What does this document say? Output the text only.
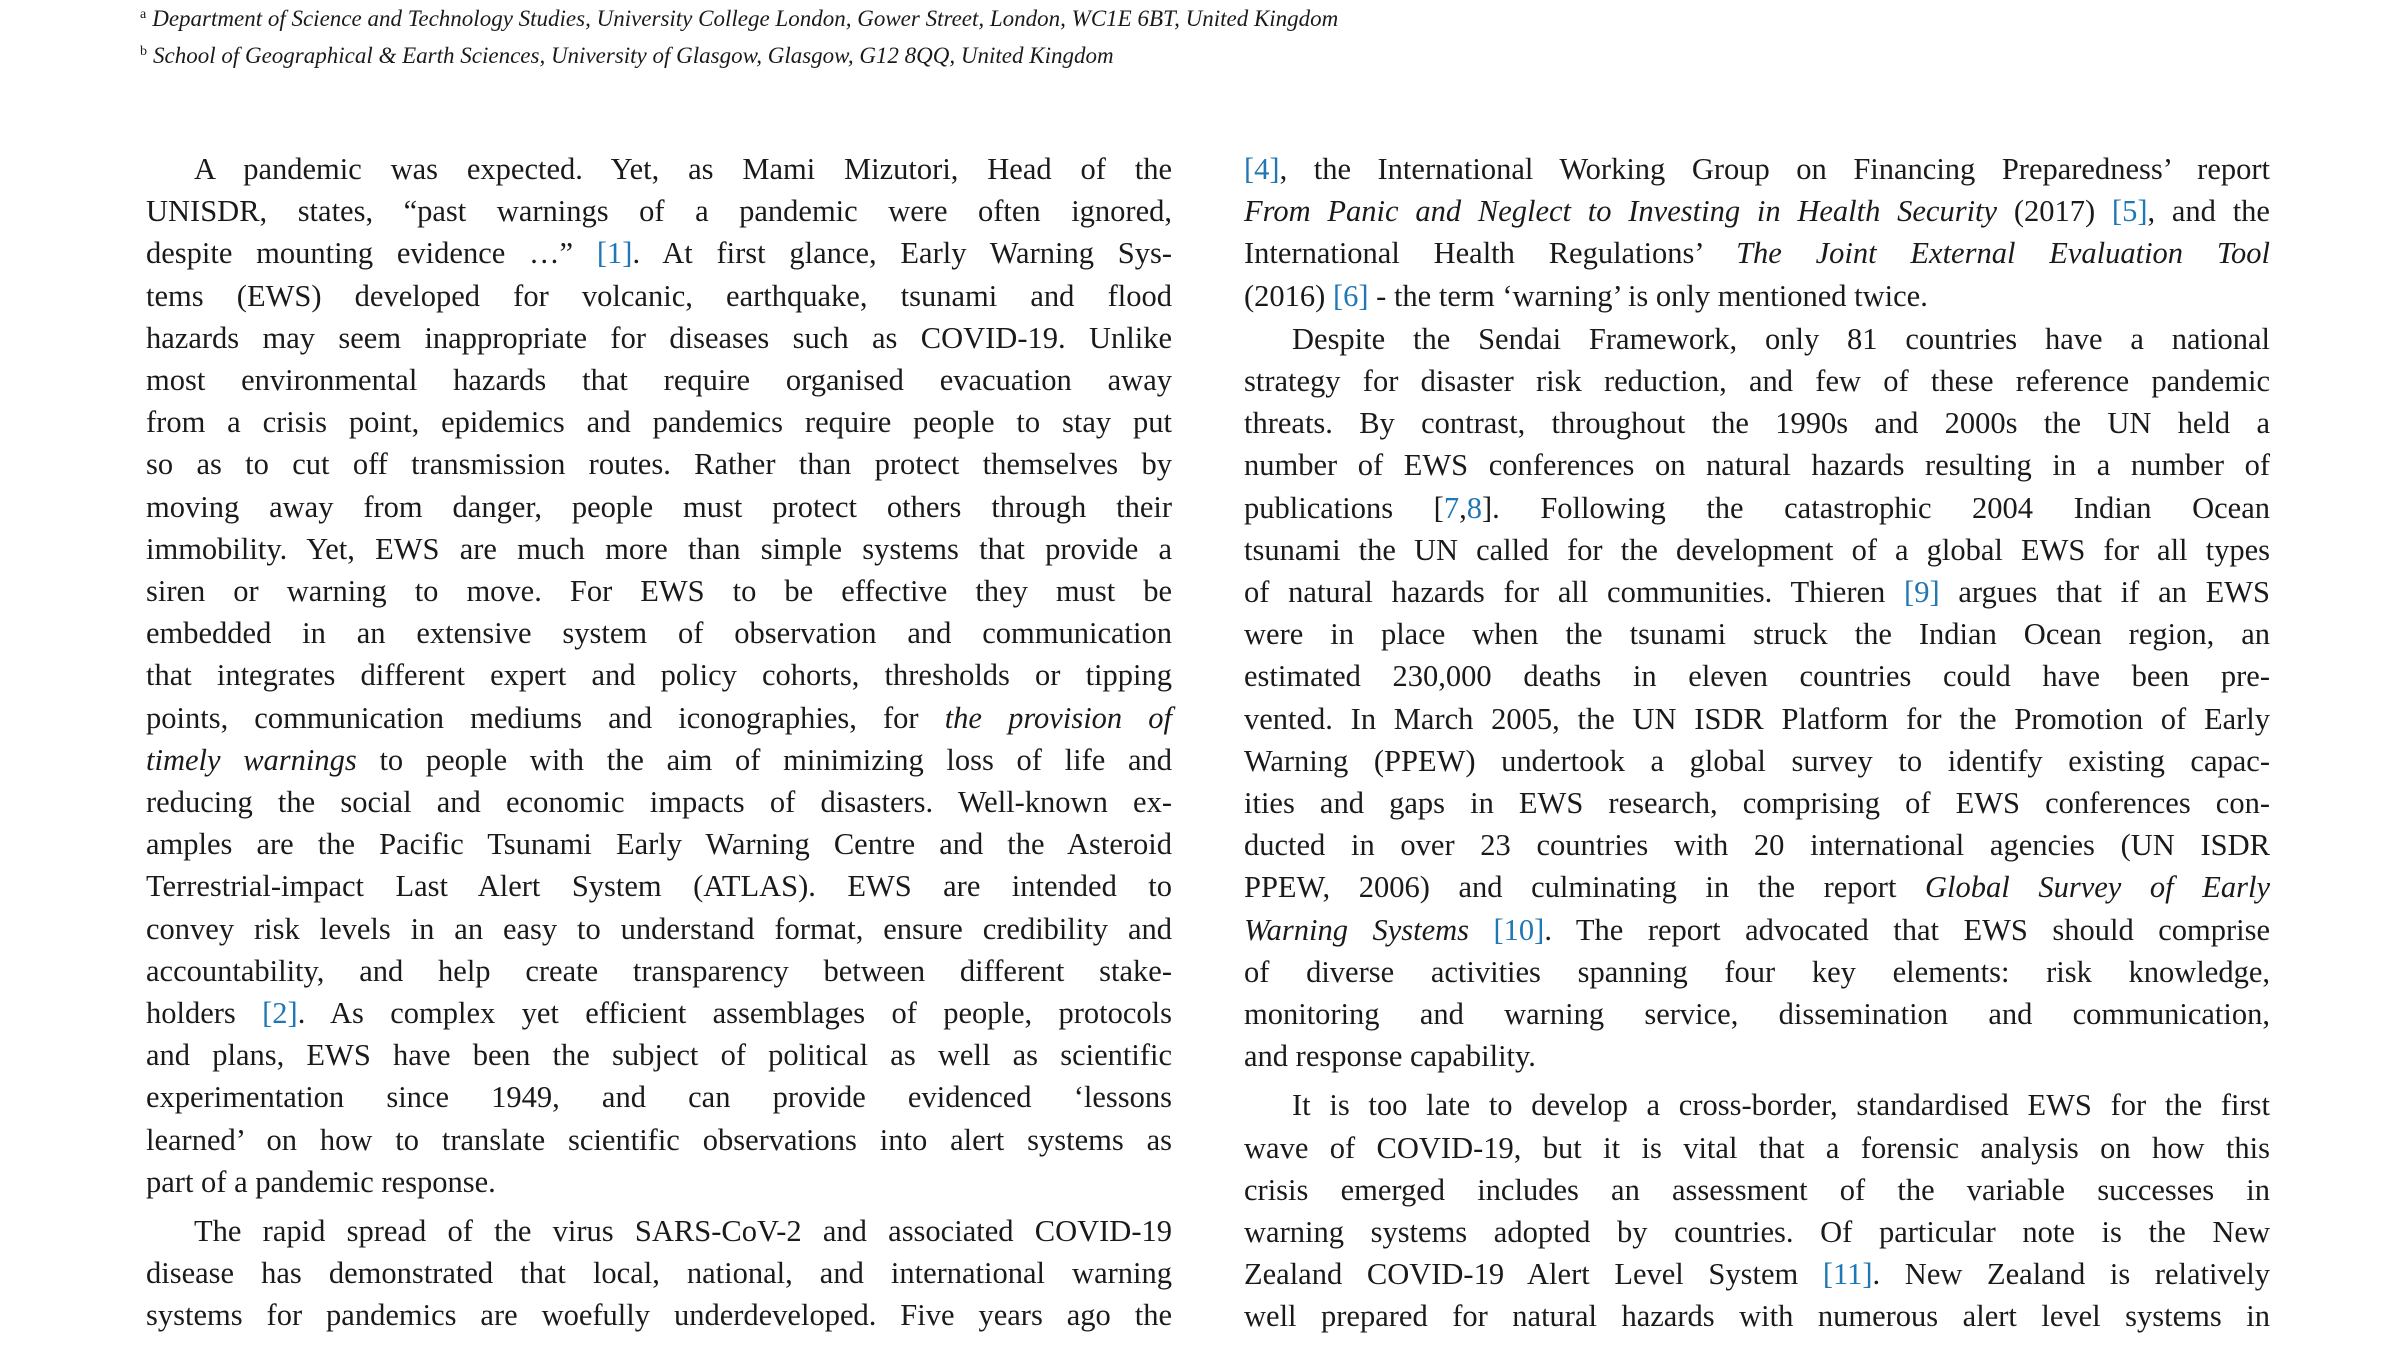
$^a$ Department of Science and Technology Studies, University College London, Gower Street, London, WC1E 6BT, United Kingdom
$^b$ School of Geographical & Earth Sciences, University of Glasgow, Glasgow, G12 8QQ, United Kingdom
A pandemic was expected. Yet, as Mami Mizutori, Head of the
UNISDR, states, “past warnings of a pandemic were often ignored,
despite mounting evidence …” [1]. At first glance, Early Warning Sys-
tems (EWS) developed for volcanic, earthquake, tsunami and flood
hazards may seem inappropriate for diseases such as COVID-19. Unlike
most environmental hazards that require organised evacuation away
from a crisis point, epidemics and pandemics require people to stay put
so as to cut off transmission routes. Rather than protect themselves by
moving away from danger, people must protect others through their
immobility. Yet, EWS are much more than simple systems that provide a
siren or warning to move. For EWS to be effective they must be
embedded in an extensive system of observation and communication
that integrates different expert and policy cohorts, thresholds or tipping
points, communication mediums and iconographies, for the provision of
timely warnings to people with the aim of minimizing loss of life and
reducing the social and economic impacts of disasters. Well-known ex-
amples are the Pacific Tsunami Early Warning Centre and the Asteroid
Terrestrial-impact Last Alert System (ATLAS). EWS are intended to
convey risk levels in an easy to understand format, ensure credibility and
accountability, and help create transparency between different stake-
holders [2]. As complex yet efficient assemblages of people, protocols
and plans, EWS have been the subject of political as well as scientific
experimentation since 1949, and can provide evidenced ‘lessons
learned’ on how to translate scientific observations into alert systems as
part of a pandemic response.
The rapid spread of the virus SARS-CoV-2 and associated COVID-19
disease has demonstrated that local, national, and international warning
systems for pandemics are woefully underdeveloped. Five years ago the
[4], the International Working Group on Financing Preparedness’ report
From Panic and Neglect to Investing in Health Security (2017) [5], and the
International Health Regulations’ The Joint External Evaluation Tool
(2016) [6] - the term ‘warning’ is only mentioned twice.
Despite the Sendai Framework, only 81 countries have a national
strategy for disaster risk reduction, and few of these reference pandemic
threats. By contrast, throughout the 1990s and 2000s the UN held a
number of EWS conferences on natural hazards resulting in a number of
publications [7,8]. Following the catastrophic 2004 Indian Ocean
tsunami the UN called for the development of a global EWS for all types
of natural hazards for all communities. Thieren [9] argues that if an EWS
were in place when the tsunami struck the Indian Ocean region, an
estimated 230,000 deaths in eleven countries could have been pre-
vented. In March 2005, the UN ISDR Platform for the Promotion of Early
Warning (PPEW) undertook a global survey to identify existing capac-
ities and gaps in EWS research, comprising of EWS conferences con-
ducted in over 23 countries with 20 international agencies (UN ISDR
PPEW, 2006) and culminating in the report Global Survey of Early
Warning Systems [10]. The report advocated that EWS should comprise
of diverse activities spanning four key elements: risk knowledge,
monitoring and warning service, dissemination and communication,
and response capability.
It is too late to develop a cross-border, standardised EWS for the first
wave of COVID-19, but it is vital that a forensic analysis on how this
crisis emerged includes an assessment of the variable successes in
warning systems adopted by countries. Of particular note is the New
Zealand COVID-19 Alert Level System [11]. New Zealand is relatively
well prepared for natural hazards with numerous alert level systems in
